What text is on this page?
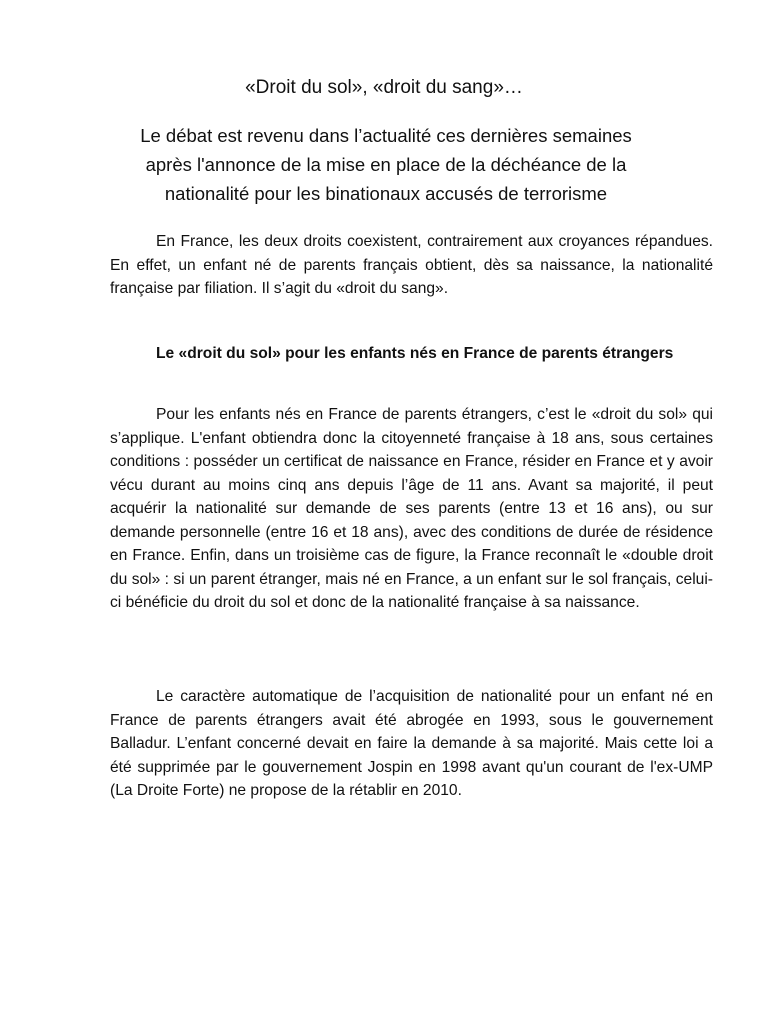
«Droit du sol», «droit du sang»…
Le débat est revenu dans l’actualité ces dernières semaines
après l'annonce de la mise en place de la déchéance de la
nationalité pour les binationaux accusés de terrorisme

En France, les deux droits coexistent, contrairement aux croyances répandues. En effet, un enfant né de parents français obtient, dès sa naissance, la nationalité française par filiation. Il s’agit du «droit du sang».

Le «droit du sol» pour les enfants nés en France de parents étrangers

Pour les enfants nés en France de parents étrangers, c’est le «droit du sol» qui s’applique. L'enfant obtiendra donc la citoyenneté française à 18 ans, sous certaines conditions : posséder un certificat de naissance en France, résider en France et y avoir vécu durant au moins cinq ans depuis l’âge de 11 ans. Avant sa majorité, il peut acquérir la nationalité sur demande de ses parents (entre 13 et 16 ans), ou sur demande personnelle (entre 16 et 18 ans), avec des conditions de durée de résidence en France. Enfin, dans un troisième cas de figure, la France reconnaît le «double droit du sol» : si un parent étranger, mais né en France, a un enfant sur le sol français, celui-ci bénéficie du droit du sol et donc de la nationalité française à sa naissance.

Le caractère automatique de l’acquisition de nationalité pour un enfant né en France de parents étrangers avait été abrogée en 1993, sous le gouvernement Balladur. L’enfant concerné devait en faire la demande à sa majorité. Mais cette loi a été supprimée par le gouvernement Jospin en 1998 avant qu'un courant de l'ex-UMP (La Droite Forte) ne propose de la rétablir en 2010.
